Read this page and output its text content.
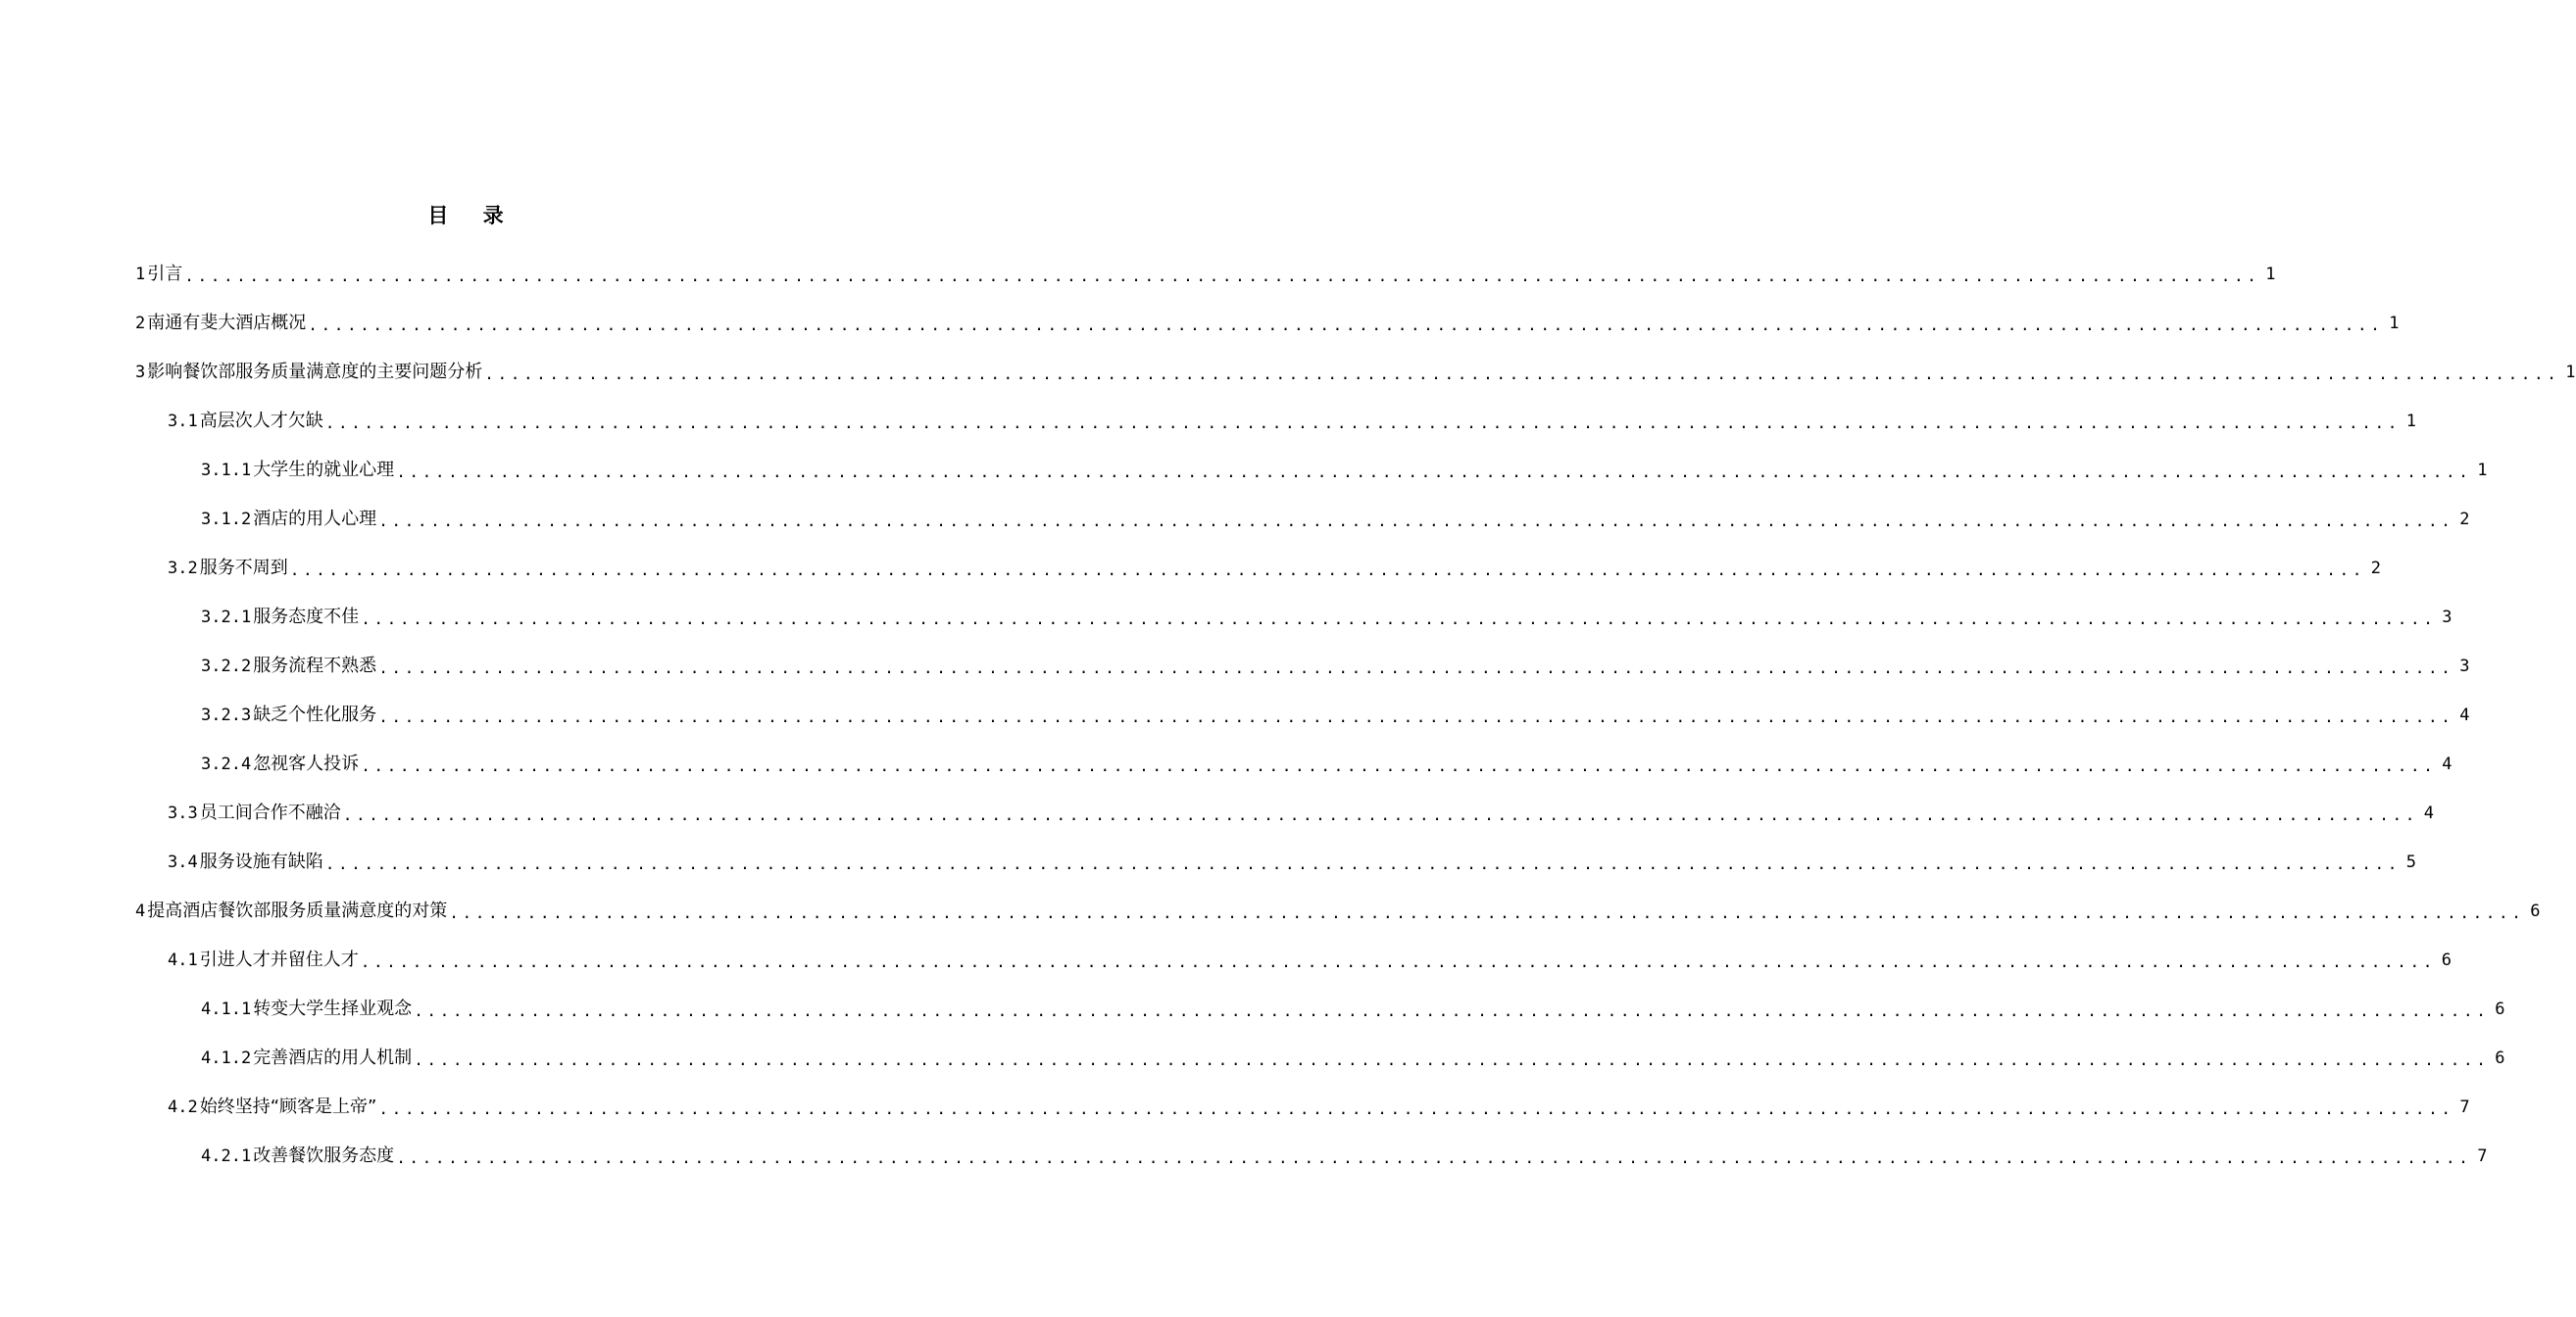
目 录
1 引言 ................................................................................................................................................................ 1
2 南通有斐大酒店概况 ................................................................................................................................................................ 1
3 影响餐饮部服务质量满意度的主要问题分析 ................................................................................................................................................................ 1
3.1 高层次人才欠缺 ................................................................................................................................................................ 1
3.1.1 大学生的就业心理 ................................................................................................................................................................ 1
3.1.2 酒店的用人心理 ................................................................................................................................................................ 2
3.2 服务不周到 ................................................................................................................................................................ 2
3.2.1 服务态度不佳 ................................................................................................................................................................ 3
3.2.2 服务流程不熟悉 ................................................................................................................................................................ 3
3.2.3 缺乏个性化服务 ................................................................................................................................................................ 4
3.2.4 忽视客人投诉 ................................................................................................................................................................ 4
3.3 员工间合作不融洽 ................................................................................................................................................................ 4
3.4 服务设施有缺陷 ................................................................................................................................................................ 5
4 提高酒店餐饮部服务质量满意度的对策 ................................................................................................................................................................ 6
4.1 引进人才并留住人才 ................................................................................................................................................................ 6
4.1.1 转变大学生择业观念 ................................................................................................................................................................ 6
4.1.2 完善酒店的用人机制 ................................................................................................................................................................ 6
4.2 始终坚持“顾客是上帝” ................................................................................................................................................................ 7
4.2.1 改善餐饮服务态度 ................................................................................................................................................................ 7
